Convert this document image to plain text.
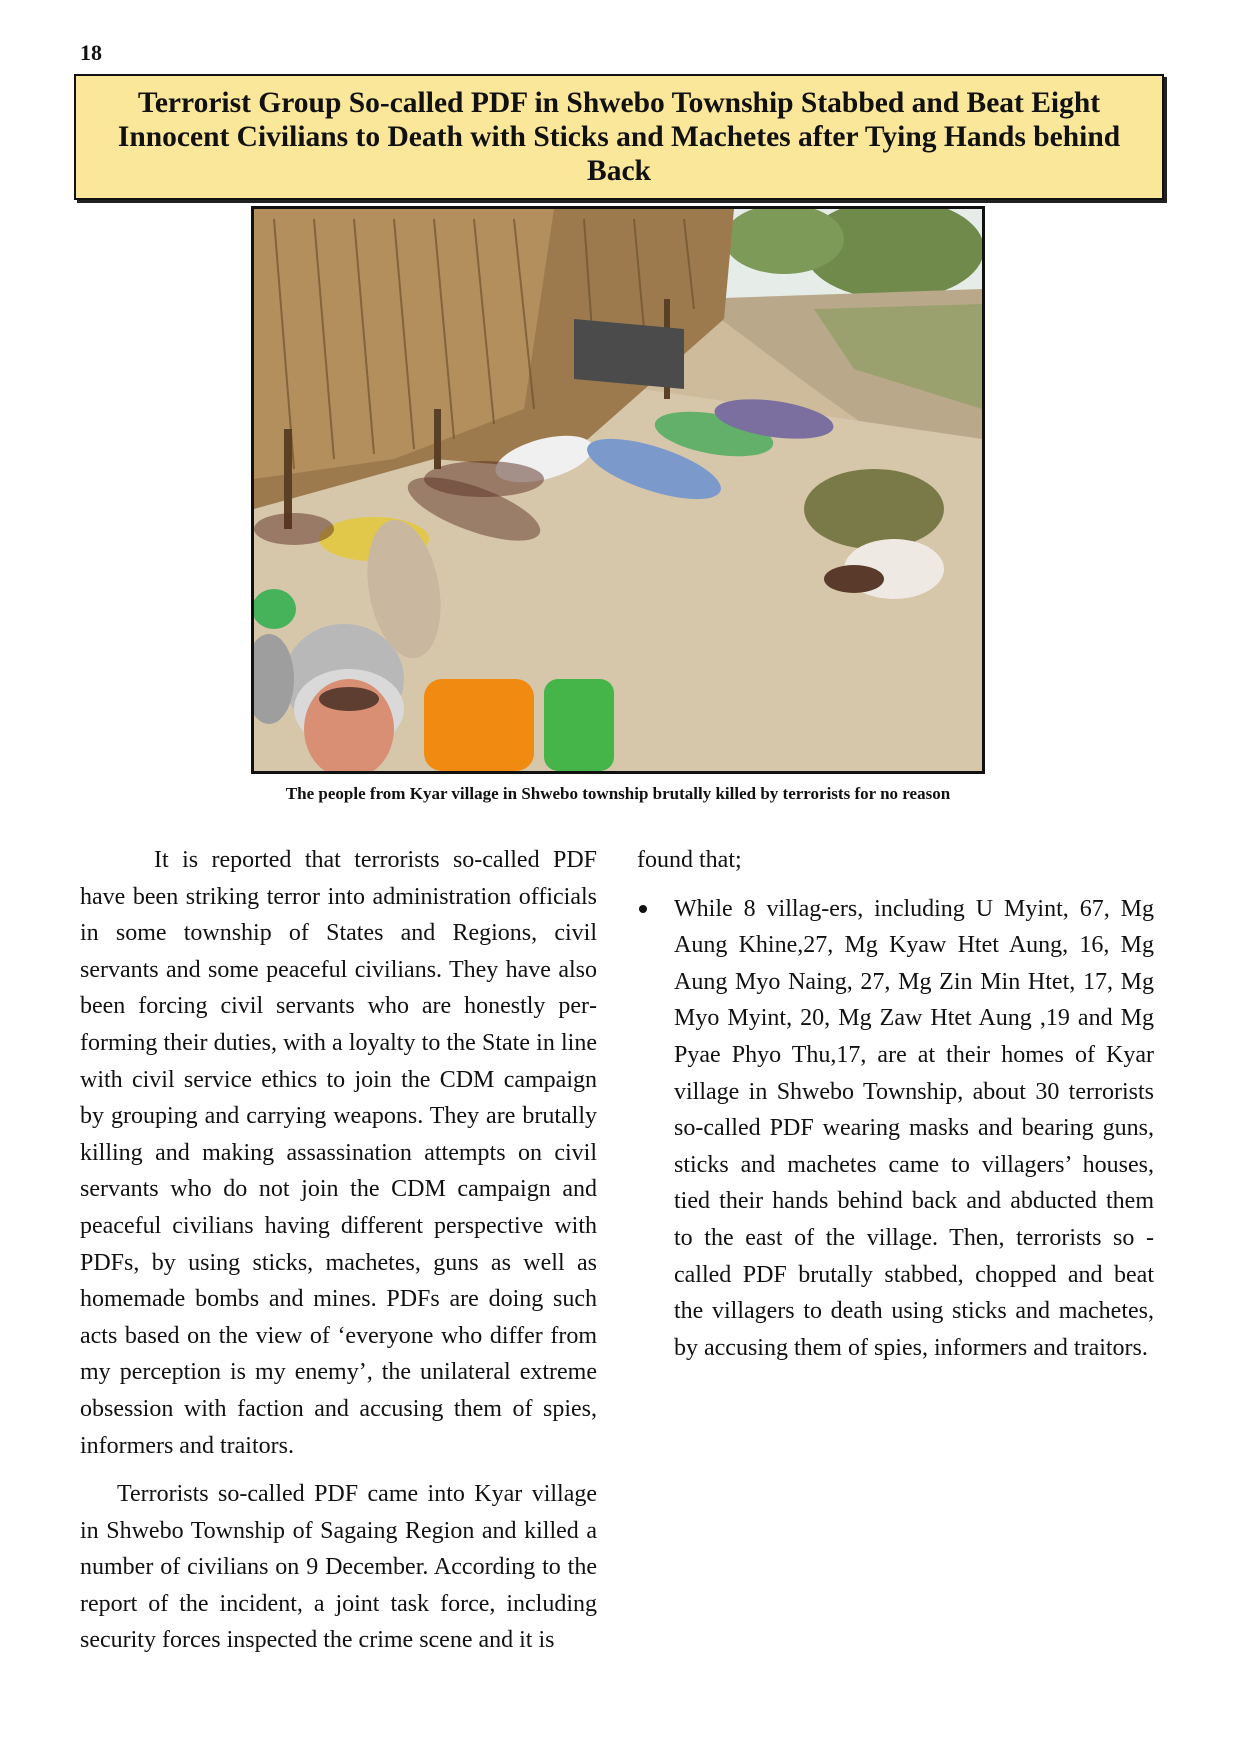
18
Terrorist Group So-called PDF in Shwebo Township Stabbed and Beat Eight Innocent Civilians to Death with Sticks and Machetes after Tying Hands behind Back
The people from Kyar village in Shwebo township brutally killed by terrorists for no reason

It is reported that terrorists so-called PDF have been striking terror into administration officials in some township of States and Regions, civil servants and some peaceful civilians. They have also been forcing civil servants who are honestly performing their duties, with a loyalty to the State in line with civil service ethics to join the CDM campaign by grouping and carrying weapons. They are brutally killing and making assassination attempts on civil servants who do not join the CDM campaign and peaceful civilians having different perspective with PDFs, by using sticks, machetes, guns as well as homemade bombs and mines. PDFs are doing such acts based on the view of ‘everyone who differ from my perception is my enemy’, the unilateral extreme obsession with faction and accusing them of spies, informers and traitors.

Terrorists so-called PDF came into Kyar village in Shwebo Township of Sagaing Region and killed a number of civilians on 9 December. According to the report of the incident, a joint task force, including security forces inspected the crime scene and it is

found that;

While 8 villag-ers, including U Myint, 67, Mg Aung Khine,27, Mg Kyaw Htet Aung, 16, Mg Aung Myo Naing, 27, Mg Zin Min Htet, 17, Mg Myo Myint, 20, Mg Zaw Htet Aung ,19 and Mg Pyae Phyo Thu,17, are at their homes of Kyar village in Shwebo Township, about 30 terrorists so-called PDF wearing masks and bearing guns, sticks and machetes came to villagers’ houses, tied their hands behind back and abducted them to the east of the village. Then, terrorists so -called PDF brutally stabbed, chopped and beat the villagers to death using sticks and machetes, by accusing them of spies, informers and traitors.
